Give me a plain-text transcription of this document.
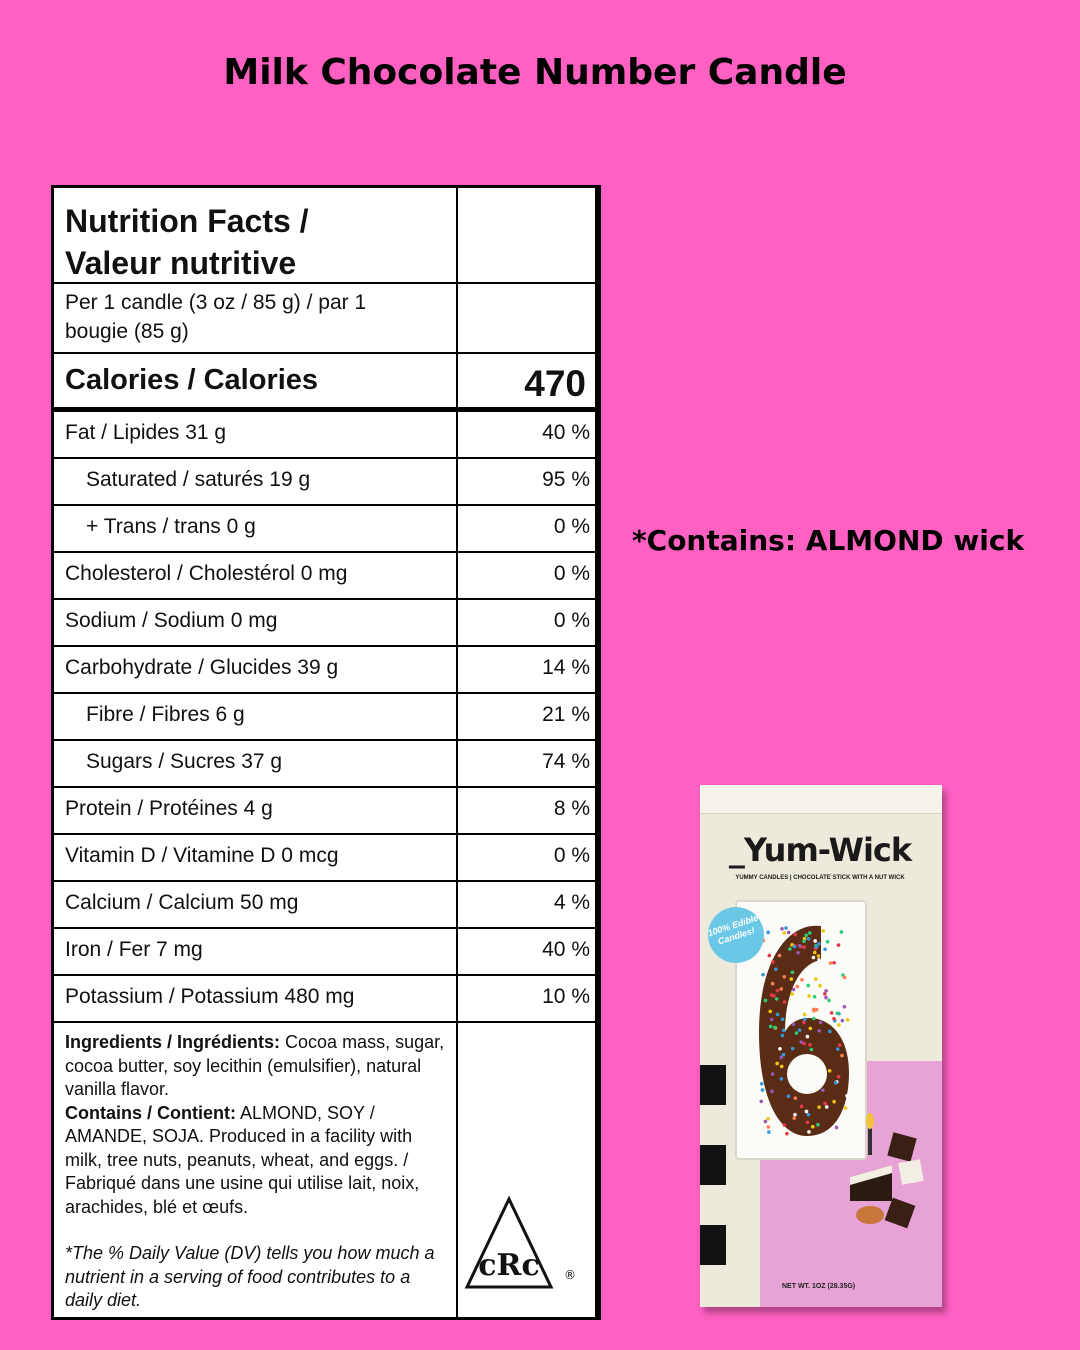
Milk Chocolate Number Candle
Nutrition Facts /
Valeur nutritive
Per 1 candle (3 oz / 85 g) / par 1
bougie (85 g)
Calories / Calories	470
Fat / Lipides 31 g	40 %
Saturated / saturés 19 g	95 %
+ Trans / trans 0 g	0 %
Cholesterol / Cholestérol 0 mg	0 %
Sodium / Sodium 0 mg	0 %
Carbohydrate / Glucides 39 g	14 %
Fibre / Fibres 6 g	21 %
Sugars / Sucres 37 g	74 %
Protein / Protéines 4 g	8 %
Vitamin D / Vitamine D 0 mcg	0 %
Calcium / Calcium 50 mg	4 %
Iron / Fer 7 mg	40 %
Potassium / Potassium 480 mg	10 %
Ingredients / Ingrédients: Cocoa mass, sugar, cocoa butter, soy lecithin (emulsifier), natural vanilla flavor.
Contains / Contient: ALMOND, SOY / AMANDE, SOJA. Produced in a facility with milk, tree nuts, peanuts, wheat, and eggs. / Fabriqué dans une usine qui utilise lait, noix, arachides, blé et œufs.
*The % Daily Value (DV) tells you how much a nutrient in a serving of food contributes to a daily diet.
cRc ®
*Contains: ALMOND wick
_Yum-Wick
YUMMY CANDLES | CHOCOLATE STICK WITH A NUT WICK
100% Edible Candles!
NET WT. 1OZ (28.35G)
